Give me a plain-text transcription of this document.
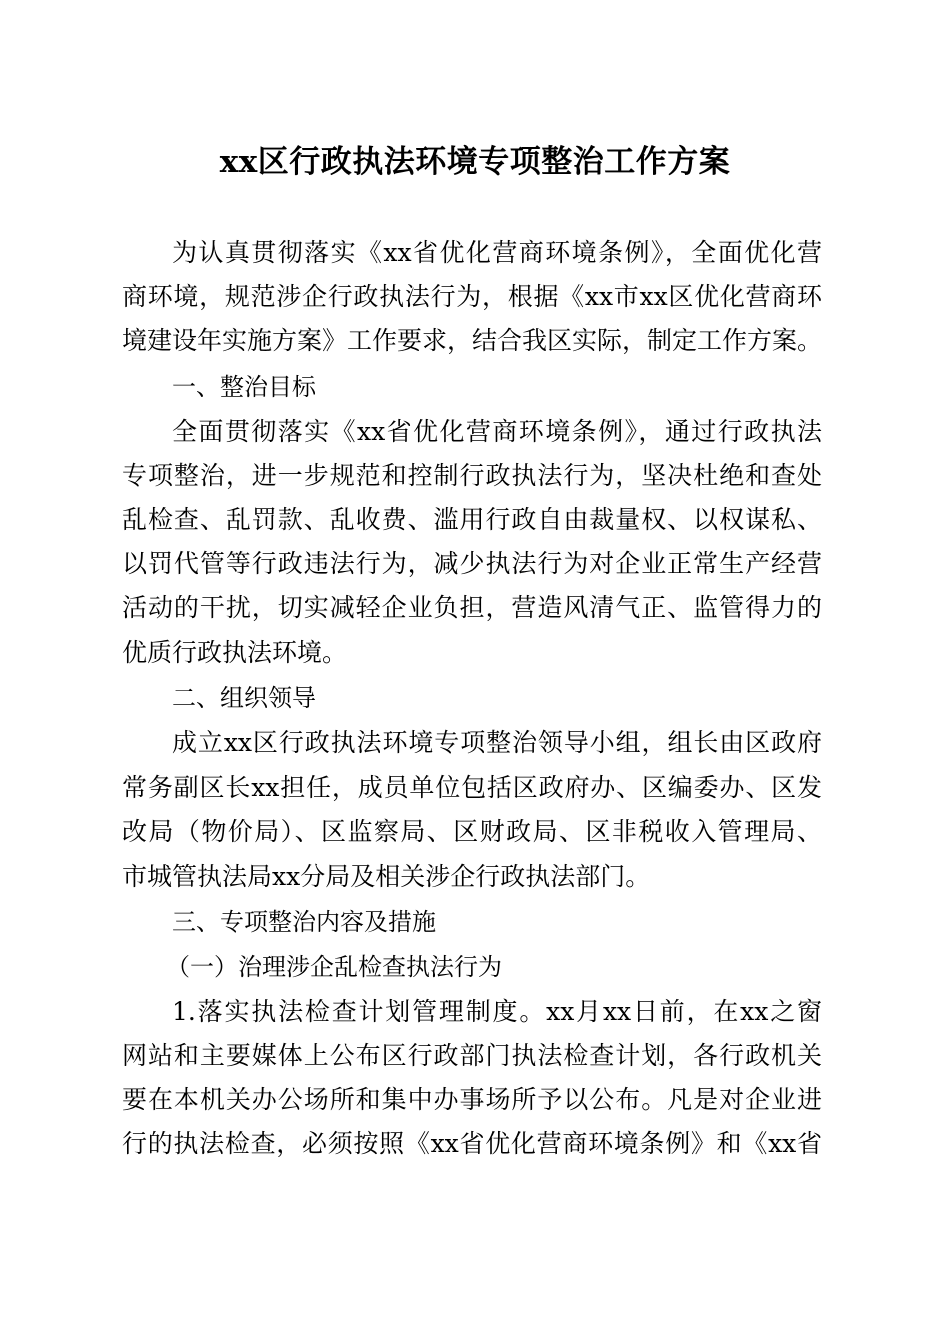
xx区行政执法环境专项整治工作方案
为认真贯彻落实《xx省优化营商环境条例》，全面优化营
商环境，规范涉企行政执法行为，根据《xx市xx区优化营商环
境建设年实施方案》工作要求，结合我区实际，制定工作方案。
一、整治目标
全面贯彻落实《xx省优化营商环境条例》，通过行政执法
专项整治，进一步规范和控制行政执法行为，坚决杜绝和查处
乱检查、乱罚款、乱收费、滥用行政自由裁量权、以权谋私、
以罚代管等行政违法行为，减少执法行为对企业正常生产经营
活动的干扰，切实减轻企业负担，营造风清气正、监管得力的
优质行政执法环境。
二、组织领导
成立xx区行政执法环境专项整治领导小组，组长由区政府
常务副区长xx担任，成员单位包括区政府办、区编委办、区发
改局（物价局）、区监察局、区财政局、区非税收入管理局、
市城管执法局xx分局及相关涉企行政执法部门。
三、专项整治内容及措施
（一）治理涉企乱检查执法行为
1.落实执法检查计划管理制度。xx月xx日前，在xx之窗
网站和主要媒体上公布区行政部门执法检查计划，各行政机关
要在本机关办公场所和集中办事场所予以公布。凡是对企业进
行的执法检查，必须按照《xx省优化营商环境条例》和《xx省
